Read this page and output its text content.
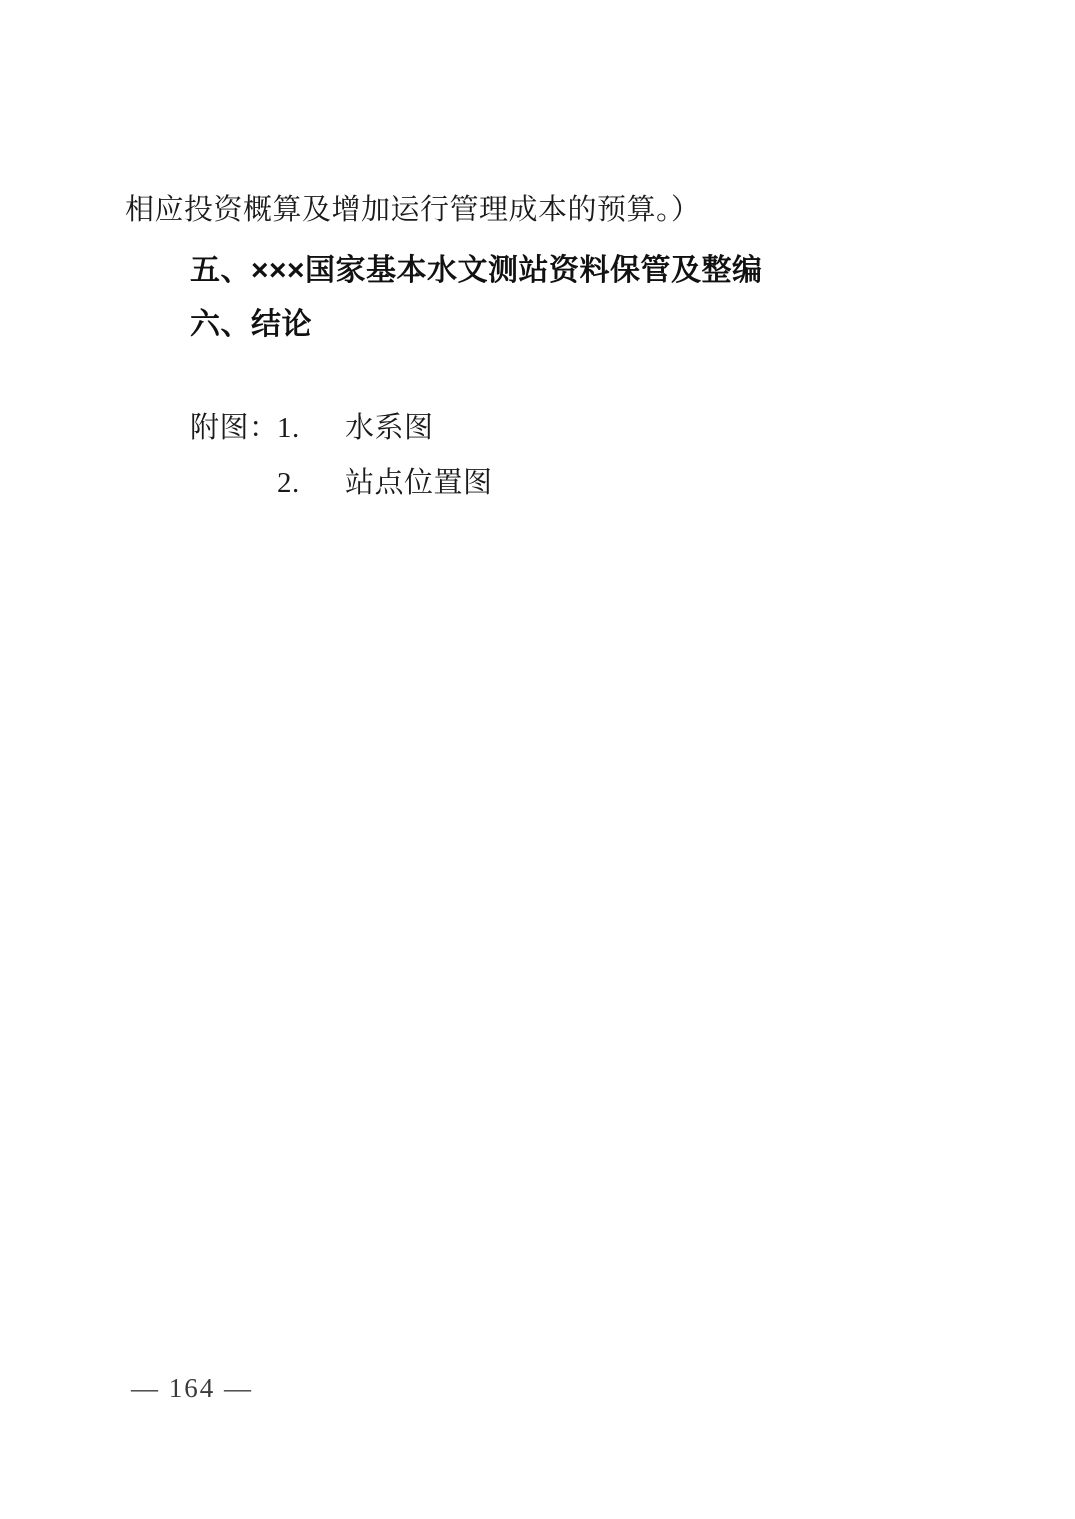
相应投资概算及增加运行管理成本的预算。）

五、×××国家基本水文测站资料保管及整编
六、结论
附图：1. 水系图
2. 站点位置图
— 164 —
